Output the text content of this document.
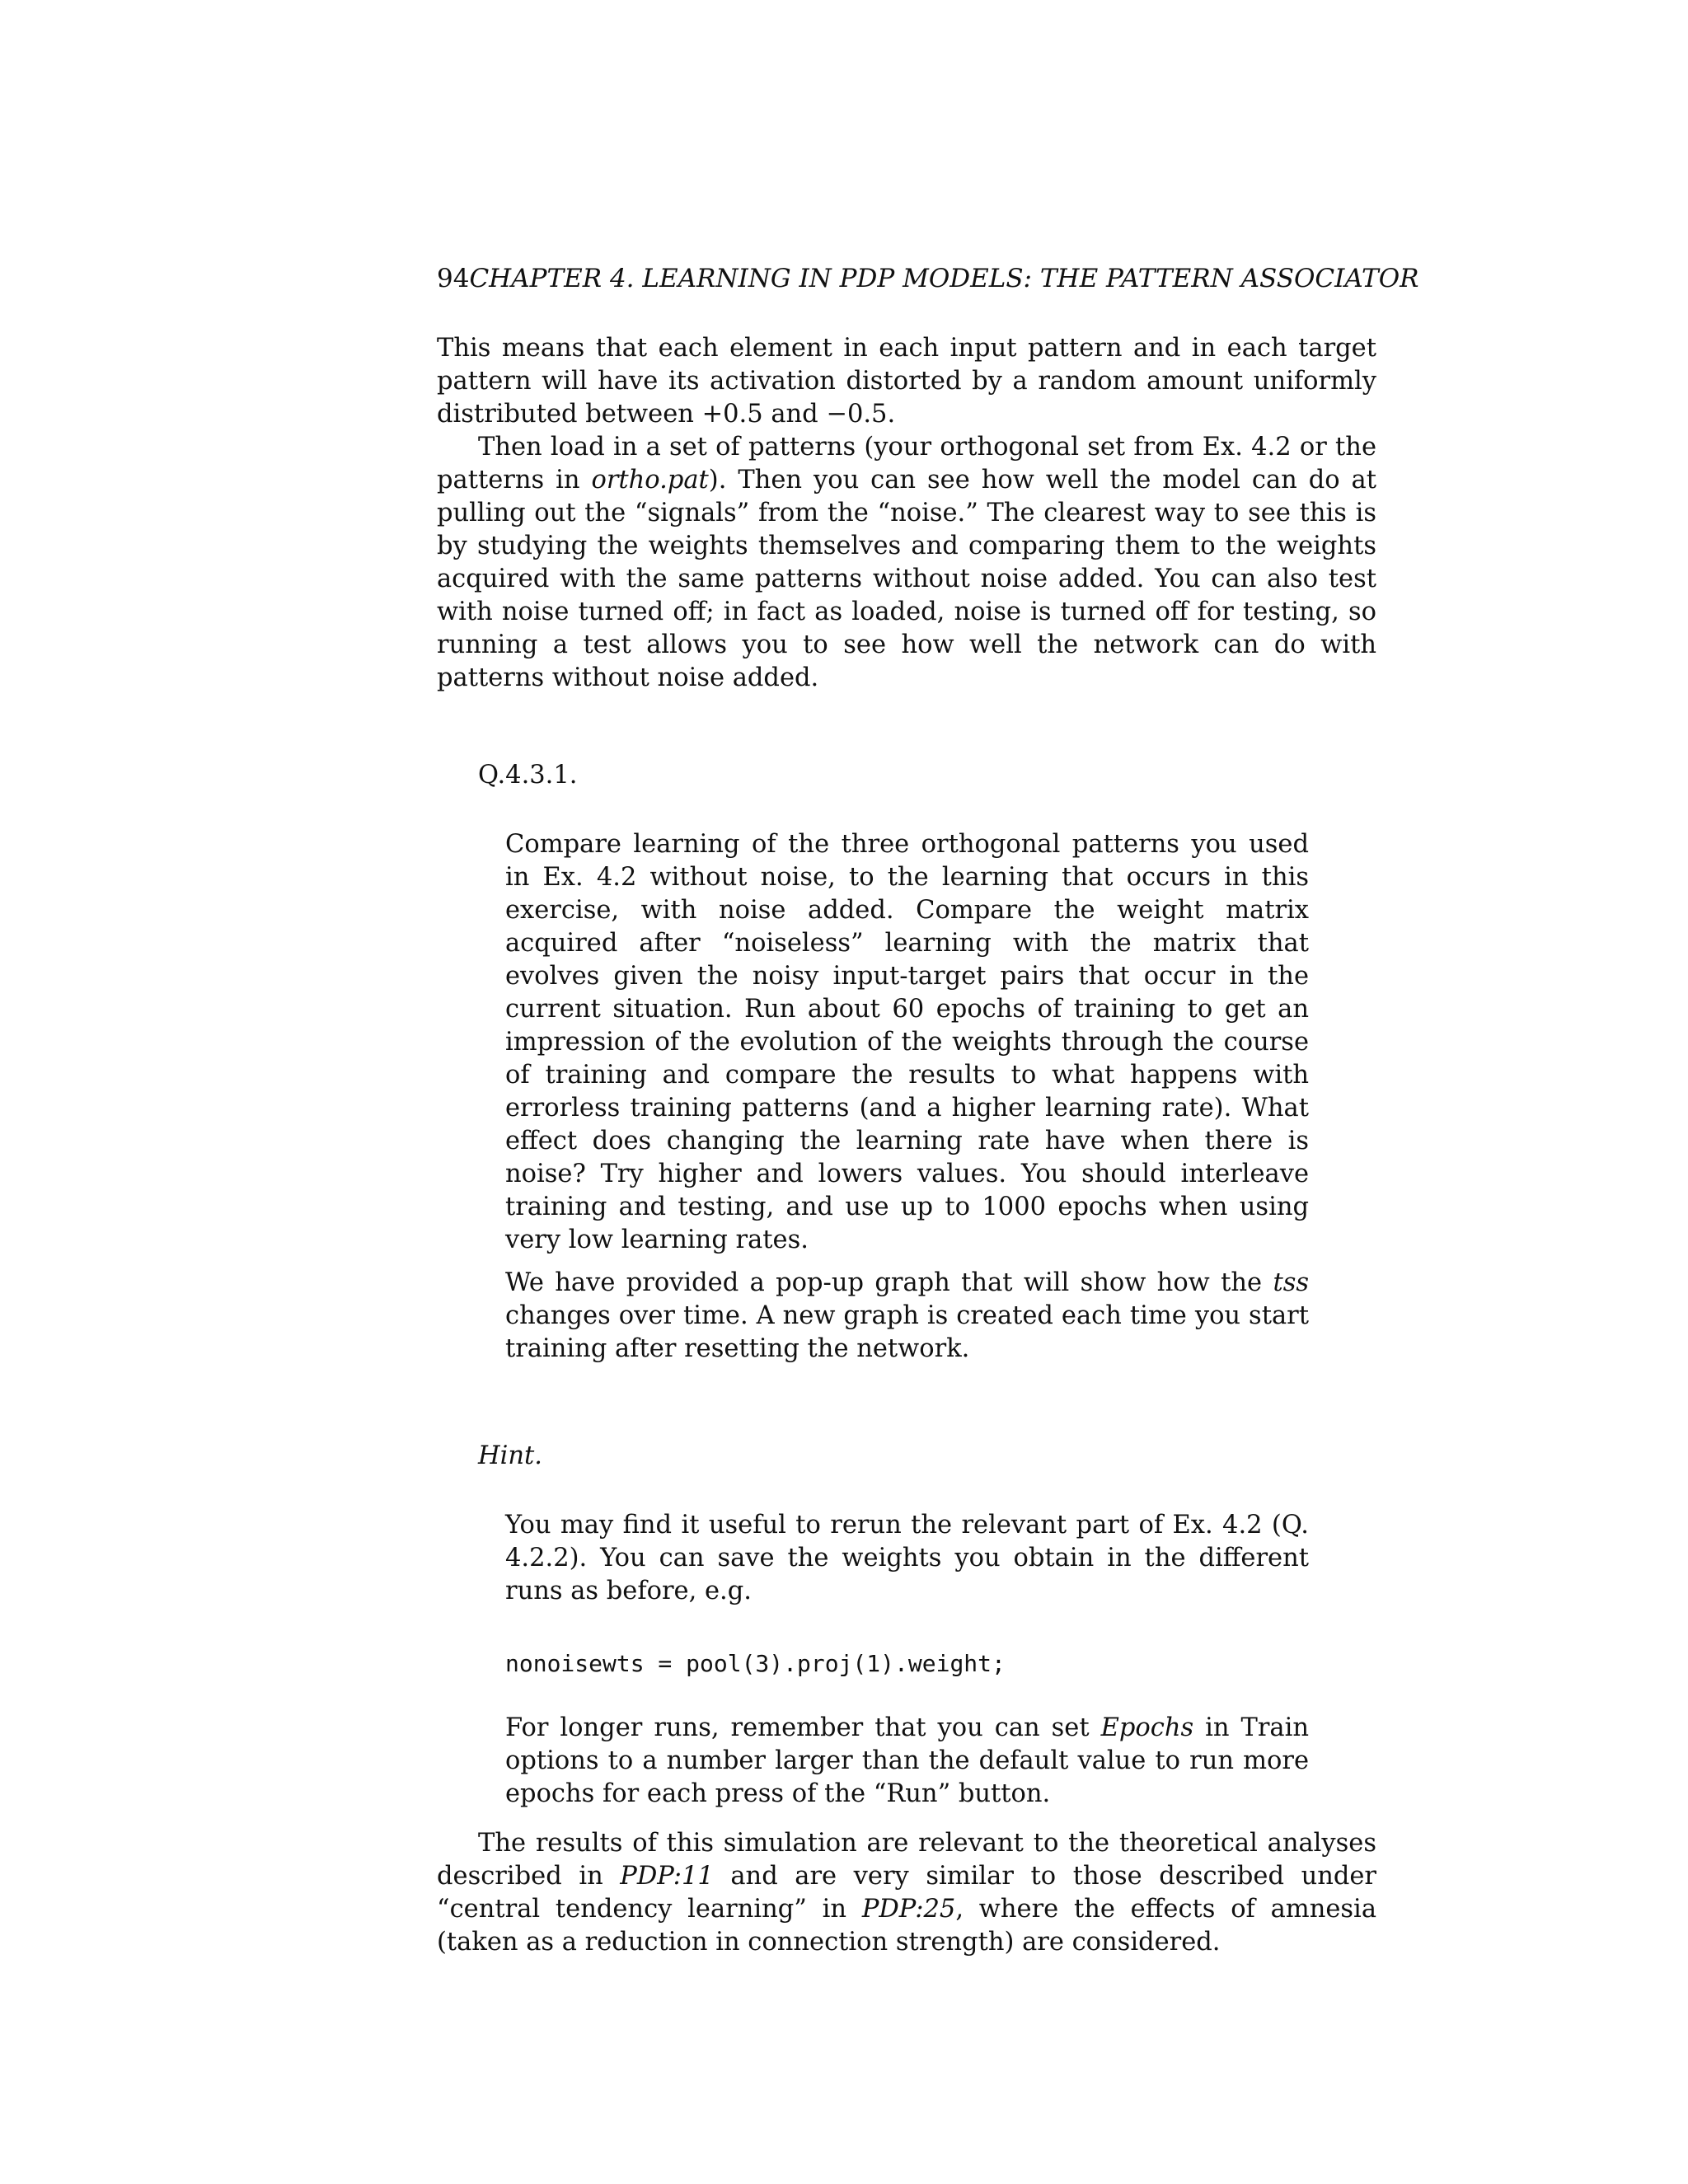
94CHAPTER 4. LEARNING IN PDP MODELS: THE PATTERN ASSOCIATOR

This means that each element in each input pattern and in each target pattern will have its activation distorted by a random amount uniformly distributed between +0.5 and −0.5.

Then load in a set of patterns (your orthogonal set from Ex. 4.2 or the patterns in ortho.pat). Then you can see how well the model can do at pulling out the “signals” from the “noise.” The clearest way to see this is by studying the weights themselves and comparing them to the weights acquired with the same patterns without noise added. You can also test with noise turned off; in fact as loaded, noise is turned off for testing, so running a test allows you to see how well the network can do with patterns without noise added.

Q.4.3.1.

Compare learning of the three orthogonal patterns you used in Ex. 4.2 without noise, to the learning that occurs in this exercise, with noise added. Compare the weight matrix acquired after “noiseless” learning with the matrix that evolves given the noisy input-target pairs that occur in the current situation. Run about 60 epochs of training to get an impression of the evolution of the weights through the course of training and compare the results to what happens with errorless training patterns (and a higher learning rate). What effect does changing the learning rate have when there is noise? Try higher and lowers values. You should interleave training and testing, and use up to 1000 epochs when using very low learning rates.

We have provided a pop-up graph that will show how the tss changes over time. A new graph is created each time you start training after resetting the network.

Hint.

You may find it useful to rerun the relevant part of Ex. 4.2 (Q. 4.2.2). You can save the weights you obtain in the different runs as before, e.g.

nonoisewts = pool(3).proj(1).weight;

For longer runs, remember that you can set Epochs in Train options to a number larger than the default value to run more epochs for each press of the “Run” button.

The results of this simulation are relevant to the theoretical analyses described in PDP:11 and are very similar to those described under “central tendency learning” in PDP:25, where the effects of amnesia (taken as a reduction in connection strength) are considered.
